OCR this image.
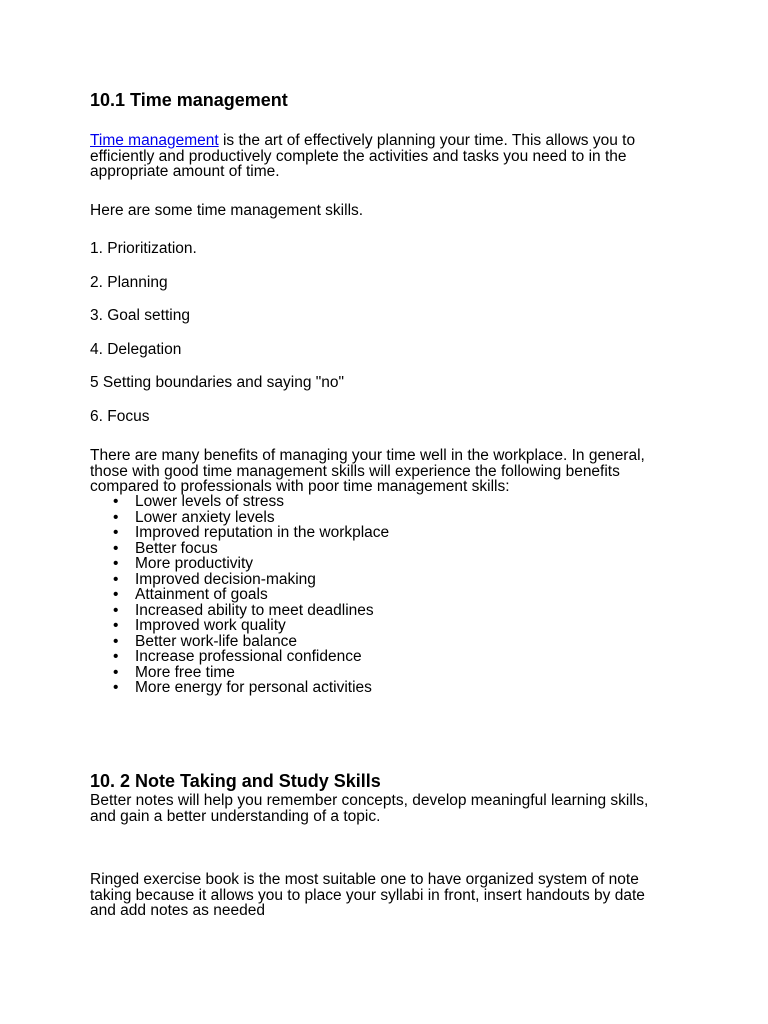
10.1 Time management

Time management is the art of effectively planning your time. This allows you to
efficiently and productively complete the activities and tasks you need to in the
appropriate amount of time.

Here are some time management skills.

1. Prioritization.

2. Planning

3. Goal setting

4. Delegation

5 Setting boundaries and saying "no"

6. Focus

There are many benefits of managing your time well in the workplace. In general,
those with good time management skills will experience the following benefits
compared to professionals with poor time management skills:

• Lower levels of stress
• Lower anxiety levels
• Improved reputation in the workplace
• Better focus
• More productivity
• Improved decision-making
• Attainment of goals
• Increased ability to meet deadlines
• Improved work quality
• Better work-life balance
• Increase professional confidence
• More free time
• More energy for personal activities
10. 2 Note Taking and Study Skills

Better notes will help you remember concepts, develop meaningful learning skills,
and gain a better understanding of a topic.

Ringed exercise book is the most suitable one to have organized system of note
taking because it allows you to place your syllabi in front, insert handouts by date
and add notes as needed
